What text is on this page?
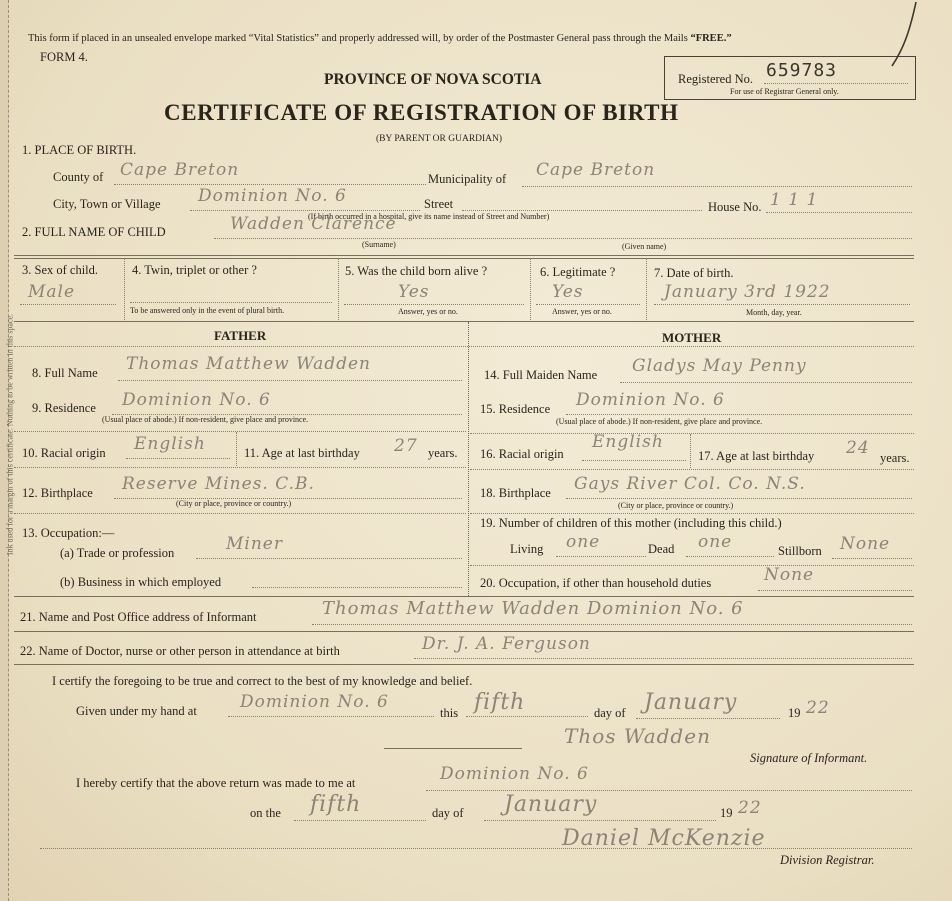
Ink used for a margin of this certificate. Nothing to be written in this space.
This form if placed in an unsealed envelope marked “Vital Statistics” and properly addressed will, by order of the Postmaster General pass through the Mails “FREE.”
FORM 4.
PROVINCE OF NOVA SCOTIA
CERTIFICATE OF REGISTRATION OF BIRTH
(BY PARENT OR GUARDIAN)
Registered No. 659783
For use of Registrar General only.
1. PLACE OF BIRTH.
County of Cape Breton	Municipality of Cape Breton
City, Town or Village Dominion No. 6	Street
(If birth occurred in a hospital, give its name instead of Street and Number)
House No. 1 1 1
2. FULL NAME OF CHILD	Wadden Clarence
(Surname)	(Given name)
3. Sex of child.
Male
4. Twin, triplet or other ?
To be answered only in the event of plural birth.
5. Was the child born alive ?
Yes
Answer, yes or no.
6. Legitimate ?
Yes
Answer, yes or no.
7. Date of birth.
January 3rd 1922
Month, day, year.
FATHER	MOTHER
8. Full Name Thomas Matthew Wadden
9. Residence Dominion No. 6
(Usual place of abode.) If non-resident, give place and province.
10. Racial origin English	11. Age at last birthday 27 years.
12. Birthplace Reserve Mines. C.B.
(City or place, province or country.)
13. Occupation:—
(a) Trade or profession	Miner
(b) Business in which employed
14. Full Maiden Name Gladys May Penny
15. Residence Dominion No. 6
(Usual place of abode.) If non-resident, give place and province.
16. Racial origin
English
17. Age at last birthday 24 years.
18. Birthplace Gays River Col. Co. N.S.
(City or place, province or country.)
19. Number of children of this mother (including this child.)
Living one	Dead one	Stillborn None
20. Occupation, if other than household duties	None
21. Name and Post Office address of Informant	Thomas Matthew Wadden Dominion No. 6
22. Name of Doctor, nurse or other person in attendance at birth	Dr. J. A. Ferguson
I certify the foregoing to be true and correct to the best of my knowledge and belief.
Given under my hand at	Dominion No. 6
this fifth	day of January	19 22
Thos Wadden
Signature of Informant.
I hereby certify that the above return was made to me at	Dominion No. 6
on the fifth	day of January	19 22
Daniel McKenzie
Division Registrar.
